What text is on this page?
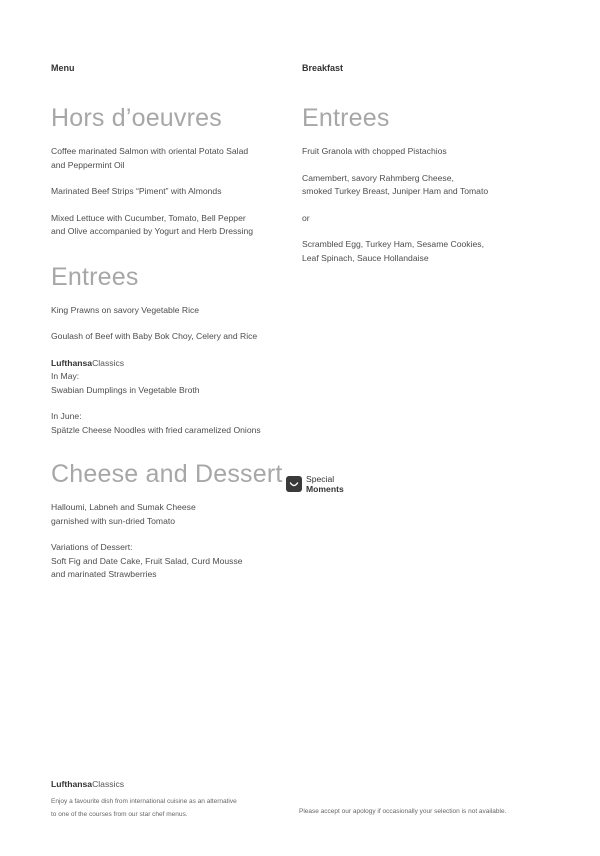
Menu

Hors d’oeuvres

Coffee marinated Salmon with oriental Potato Salad

and Peppermint Oil

Marinated Beef Strips “Piment” with Almonds

Mixed Lettuce with Cucumber, Tomato, Bell Pepper

and Olive accompanied by Yogurt and Herb Dressing

Entrees

King Prawns on savory Vegetable Rice

Goulash of Beef with Baby Bok Choy, Celery and Rice

LufthansaClassics

In May:

Swabian Dumplings in Vegetable Broth

In June:

Spätzle Cheese Noodles with fried caramelized Onions

Cheese and Dessert

Halloumi, Labneh and Sumak Cheese

garnished with sun-dried Tomato

Variations of Dessert:

Soft Fig and Date Cake, Fruit Salad, Curd Mousse

and marinated Strawberries

Breakfast

Entrees

Fruit Granola with chopped Pistachios

Camembert, savory Rahmberg Cheese,

smoked Turkey Breast, Juniper Ham and Tomato

or

Scrambled Egg, Turkey Ham, Sesame Cookies,

Leaf Spinach, Sauce Hollandaise

Special
Moments

LufthansaClassics

Enjoy a favourite dish from international cuisine as an alternative

to one of the courses from our star chef menus.	Please accept our apology if occasionally your selection is not available.
